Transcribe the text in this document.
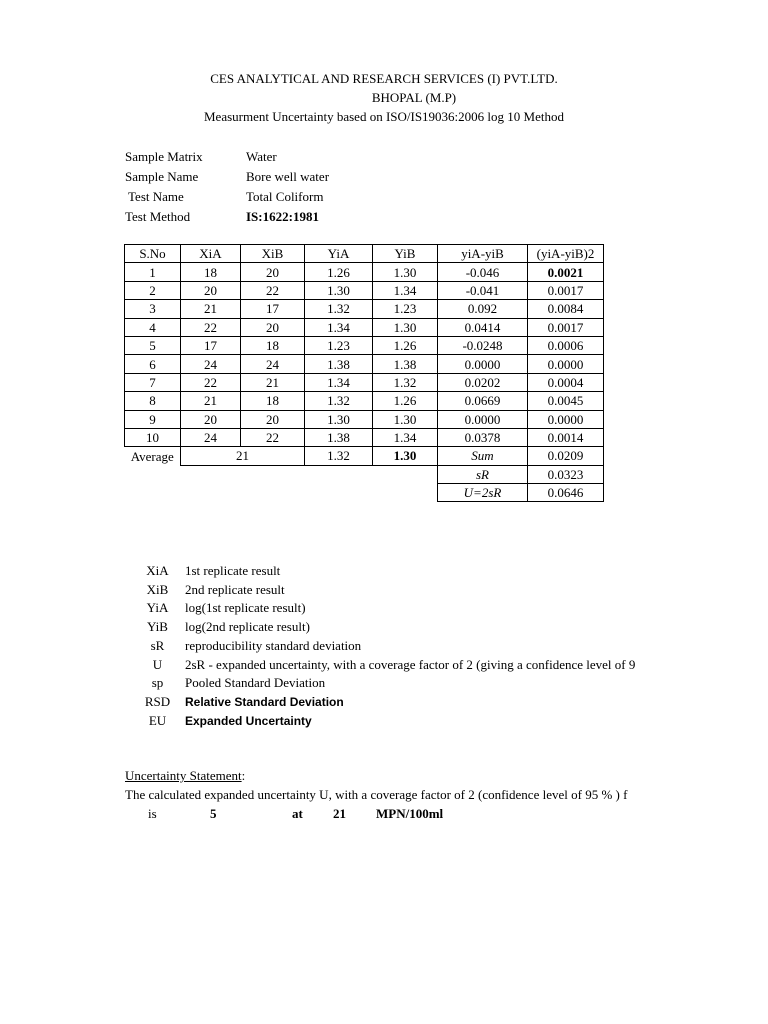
CES ANALYTICAL AND RESEARCH SERVICES (I) PVT.LTD.
BHOPAL (M.P)
Measurment Uncertainty based on ISO/IS19036:2006 log 10 Method
Sample Matrix	Water
Sample Name	Bore well water
Test Name	Total Coliform
Test Method	IS:1622:1981
S.No	XiA	XiB	YiA	YiB	yiA-yiB	(yiA-yiB)2
1	18	20	1.26	1.30	-0.046	0.0021
2	20	22	1.30	1.34	-0.041	0.0017
3	21	17	1.32	1.23	0.092	0.0084
4	22	20	1.34	1.30	0.0414	0.0017
5	17	18	1.23	1.26	-0.0248	0.0006
6	24	24	1.38	1.38	0.0000	0.0000
7	22	21	1.34	1.32	0.0202	0.0004
8	21	18	1.32	1.26	0.0669	0.0045
9	20	20	1.30	1.30	0.0000	0.0000
10	24	22	1.38	1.34	0.0378	0.0014
Average	21		1.32	1.30	Sum	0.0209
					sR	0.0323
					U=2sR	0.0646
XiA 1st replicate result
XiB 2nd replicate result
YiA log(1st replicate result)
YiB log(2nd replicate result)
sR reproducibility standard deviation
U 2sR - expanded uncertainty, with a coverage factor of 2 (giving a confidence level of 9
sp Pooled Standard Deviation
RSD Relative Standard Deviation
EU Expanded Uncertainty
Uncertainty Statement:
The calculated expanded uncertainty U, with a coverage factor of 2 (confidence level of 95 % ) f
is	5	at 21 MPN/100ml
